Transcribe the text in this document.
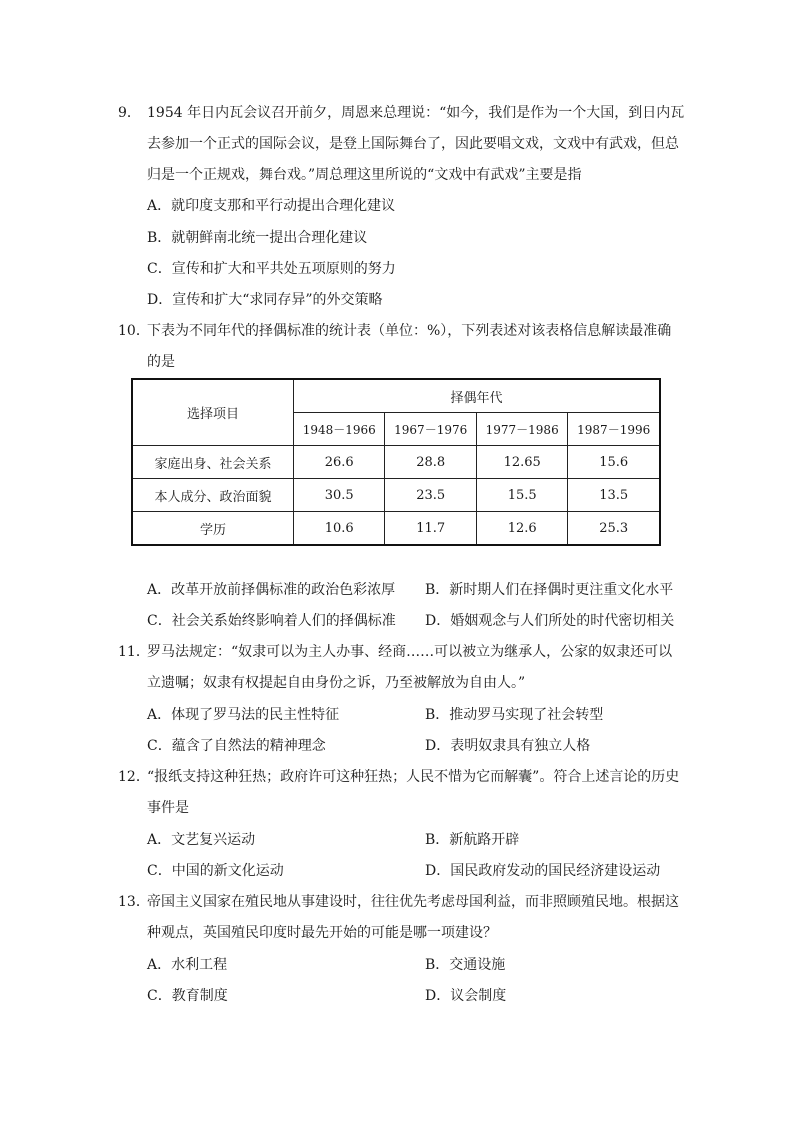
9． 1954 年日内瓦会议召开前夕，周恩来总理说：“如今，我们是作为一个大国，到日内瓦
去参加一个正式的国际会议，是登上国际舞台了，因此要唱文戏，文戏中有武戏，但总
归是一个正规戏，舞台戏。”周总理这里所说的“文戏中有武戏”主要是指
A．就印度支那和平行动提出合理化建议
B．就朝鲜南北统一提出合理化建议
C．宣传和扩大和平共处五项原则的努力
D．宣传和扩大“求同存异”的外交策略
10．
下表为不同年代的择偶标准的统计表（单位：%），下列表述对该表格信息解读最准确
的是
选择项目	择偶年代			
	1948－1966	1967－1976	1977－1986	1987－1996
家庭出身、社会关系	26.6	28.8	12.65	15.6
本人成分、政治面貌	30.5	23.5	15.5	13.5
学历	10.6	11.7	12.6	25.3
A．改革开放前择偶标准的政治色彩浓厚 B．新时期人们在择偶时更注重文化水平
C．社会关系始终影响着人们的择偶标准 D．婚姻观念与人们所处的时代密切相关
11．
罗马法规定：“奴隶可以为主人办事、经商……可以被立为继承人，公家的奴隶还可以
立遗嘱；奴隶有权提起自由身份之诉，乃至被解放为自由人。”
A．体现了罗马法的民主性特征	B．推动罗马实现了社会转型
C．蕴含了自然法的精神理念	D．表明奴隶具有独立人格
12．
“报纸支持这种狂热；政府许可这种狂热；人民不惜为它而解囊”。符合上述言论的历史
事件是
A．文艺复兴运动	B．新航路开辟
C．中国的新文化运动	D．国民政府发动的国民经济建设运动
13．
帝国主义国家在殖民地从事建设时，往往优先考虑母国利益，而非照顾殖民地。根据这
种观点，英国殖民印度时最先开始的可能是哪一项建设？
A．水利工程	B．交通设施
C．教育制度	D．议会制度
